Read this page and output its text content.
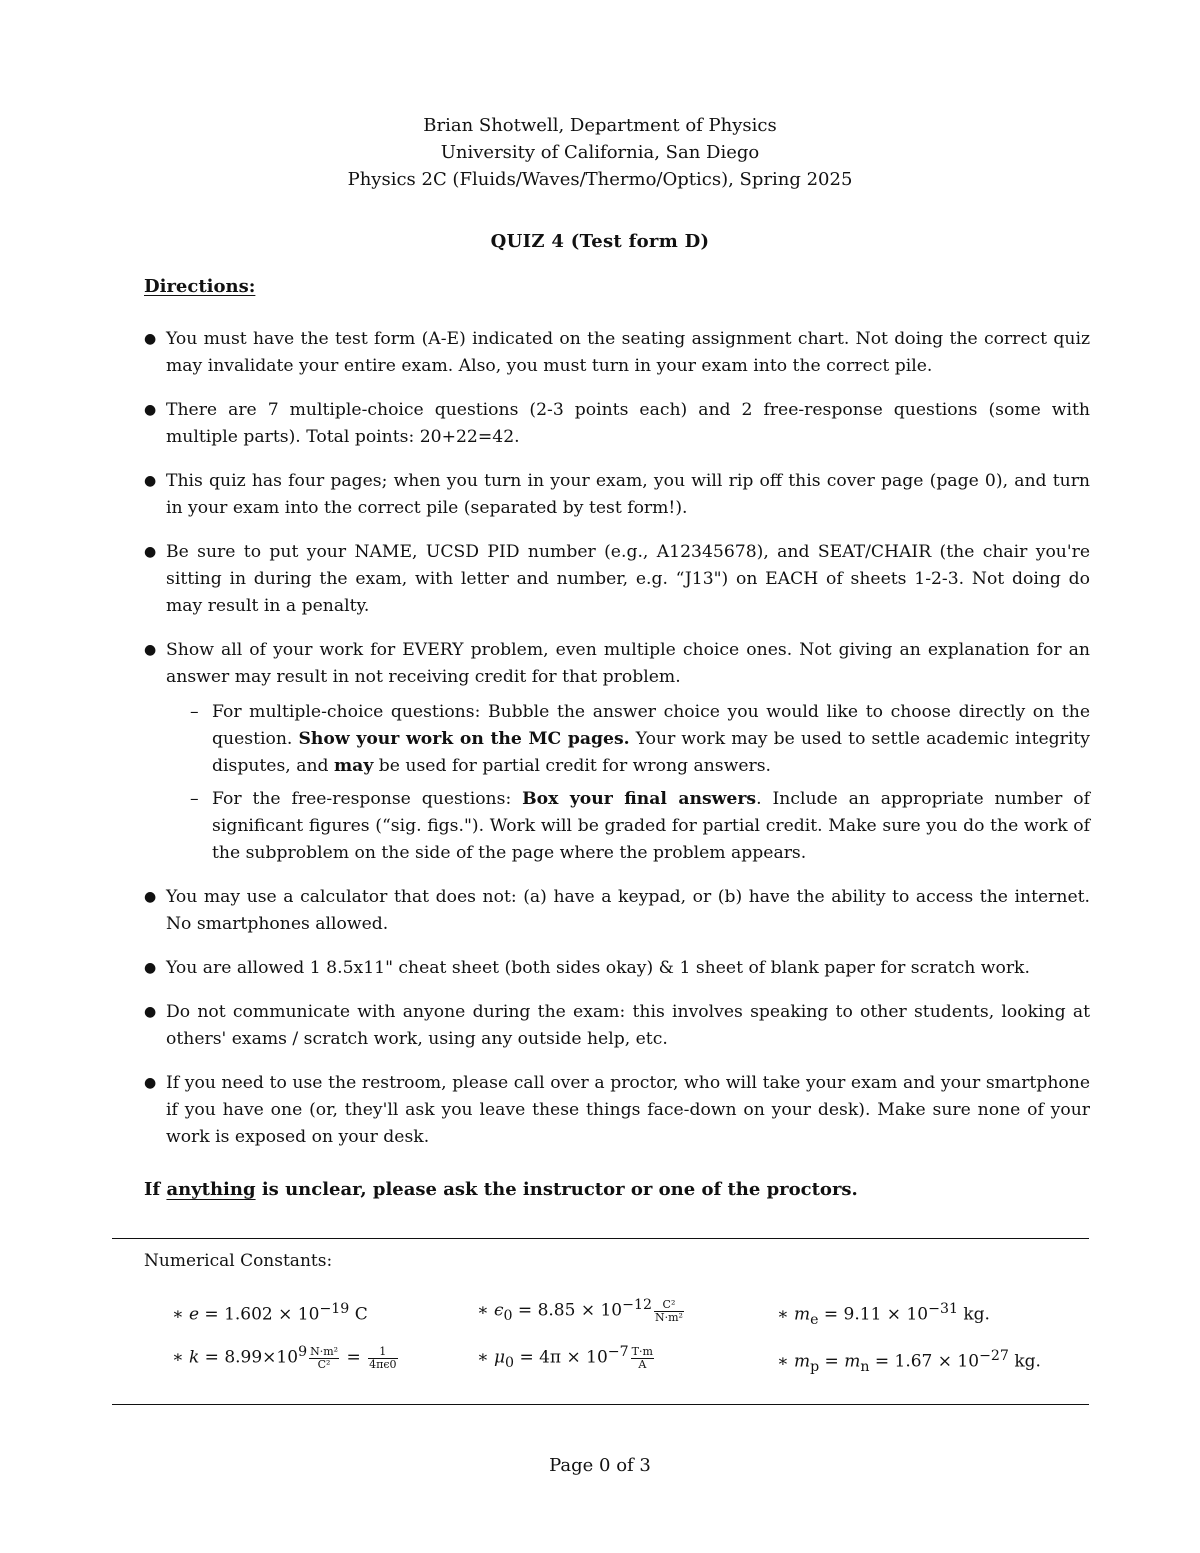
Brian Shotwell, Department of Physics
University of California, San Diego
Physics 2C (Fluids/Waves/Thermo/Optics), Spring 2025
QUIZ 4 (Test form D)
Directions:
● You must have the test form (A-E) indicated on the seating assignment chart. Not doing the correct quiz may invalidate your entire exam. Also, you must turn in your exam into the correct pile.
● There are 7 multiple-choice questions (2-3 points each) and 2 free-response questions (some with multiple parts). Total points: 20+22=42.
● This quiz has four pages; when you turn in your exam, you will rip off this cover page (page 0), and turn in your exam into the correct pile (separated by test form!).
● Be sure to put your NAME, UCSD PID number (e.g., A12345678), and SEAT/CHAIR (the chair you're sitting in during the exam, with letter and number, e.g. “J13") on EACH of sheets 1-2-3. Not doing do may result in a penalty.
● Show all of your work for EVERY problem, even multiple choice ones. Not giving an explanation for an answer may result in not receiving credit for that problem.
– For multiple-choice questions: Bubble the answer choice you would like to choose directly on the question. Show your work on the MC pages. Your work may be used to settle academic integrity disputes, and may be used for partial credit for wrong answers.
– For the free-response questions: Box your final answers. Include an appropriate number of significant figures (“sig. figs."). Work will be graded for partial credit. Make sure you do the work of the subproblem on the side of the page where the problem appears.
● You may use a calculator that does not: (a) have a keypad, or (b) have the ability to access the internet. No smartphones allowed.
● You are allowed 1 8.5x11" cheat sheet (both sides okay) & 1 sheet of blank paper for scratch work.
● Do not communicate with anyone during the exam: this involves speaking to other students, looking at others' exams / scratch work, using any outside help, etc.
● If you need to use the restroom, please call over a proctor, who will take your exam and your smartphone if you have one (or, they'll ask you leave these things face-down on your desk). Make sure none of your work is exposed on your desk.
If anything is unclear, please ask the instructor or one of the proctors.
Numerical Constants:
∗ $e = 1.602 \times 10^{-19}$ C	∗ $\epsilon_0 = 8.85 \times 10^{-12} \frac{\text{C²}}{\text{N·m²}}$	∗ $m_e = 9.11 \times 10^{-31}$ kg.
∗ $k = 8.99\times 10^9 \frac{\text{N·m²}}{\text{C²}} = \frac{1}{4\pi\epsilon 0}$	∗ $\mu_0 = 4\pi \times 10^{-7} \frac{T\cdot m}{A}$	∗ $m_p = m_n = 1.67 \times 10^{-27}$ kg.
Page 0 of 3
